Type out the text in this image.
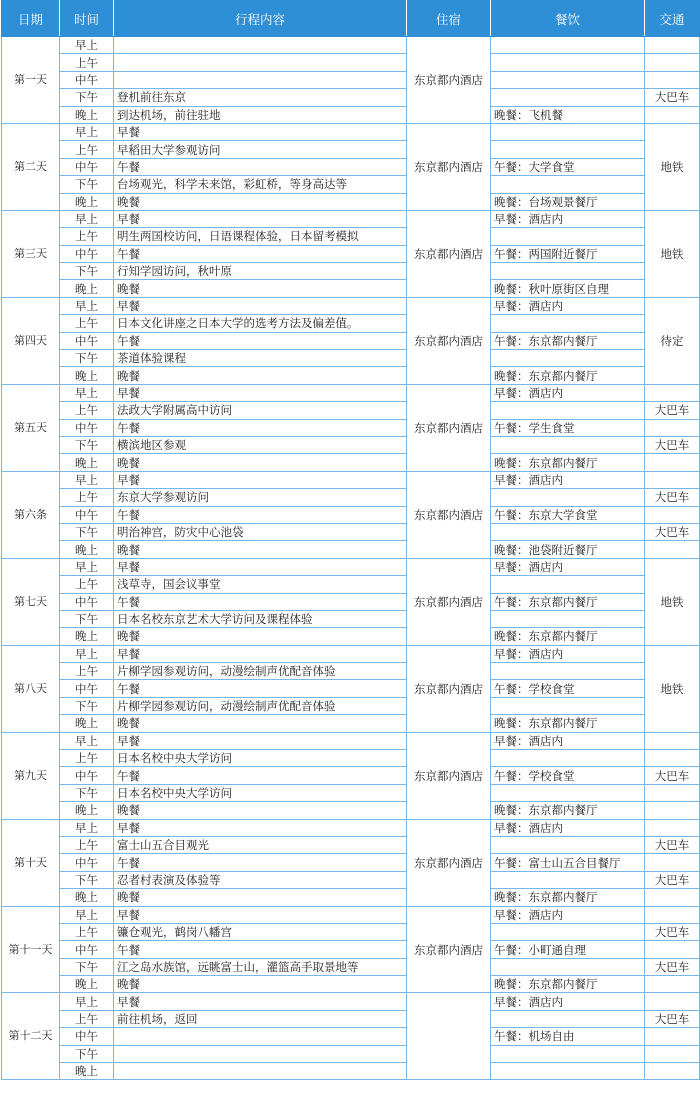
日期	时间	行程内容	住宿	餐饮	交通
第一天	早上		东京都内酒店		
	上午				
	中午				
	下午	登机前往东京			大巴车
	晚上	到达机场，前往驻地		晚餐：飞机餐	
第二天	早上	早餐	东京都内酒店		地铁
	上午	早稻田大学参观访问			
	中午	午餐		午餐：大学食堂	
	下午	台场观光，科学未来馆，彩虹桥，等身高达等			
	晚上	晚餐		晚餐：台场观景餐厅	
第三天	早上	早餐	东京都内酒店	早餐：酒店内	地铁
	上午	明生两国校访问，日语课程体验，日本留考模拟			
	中午	午餐		午餐：两国附近餐厅	
	下午	行知学园访问，秋叶原			
	晚上	晚餐		晚餐：秋叶原街区自理	
第四天	早上	早餐	东京都内酒店	早餐：酒店内	待定
	上午	日本文化讲座之日本大学的选考方法及偏差值。			
	中午	午餐		午餐：东京都内餐厅	
	下午	茶道体验课程			
	晚上	晚餐		晚餐：东京都内餐厅	
第五天	早上	早餐	东京都内酒店	早餐：酒店内	
	上午	法政大学附属高中访问			大巴车
	中午	午餐		午餐：学生食堂	
	下午	横滨地区参观			大巴车
	晚上	晚餐		晚餐：东京都内餐厅	
第六条	早上	早餐	东京都内酒店	早餐：酒店内	
	上午	东京大学参观访问			大巴车
	中午	午餐		午餐：东京大学食堂	
	下午	明治神宫，防灾中心池袋			大巴车
	晚上	晚餐		晚餐：池袋附近餐厅	
第七天	早上	早餐	东京都内酒店	早餐：酒店内	地铁
	上午	浅草寺，国会议事堂			
	中午	午餐		午餐：东京都内餐厅	
	下午	日本名校东京艺术大学访问及课程体验			
	晚上	晚餐		晚餐：东京都内餐厅	
第八天	早上	早餐	东京都内酒店	早餐：酒店内	地铁
	上午	片柳学园参观访问，动漫绘制声优配音体验			
	中午	午餐		午餐：学校食堂	
	下午	片柳学园参观访问，动漫绘制声优配音体验			
	晚上	晚餐		晚餐：东京都内餐厅	
第九天	早上	早餐	东京都内酒店	早餐：酒店内	
	上午	日本名校中央大学访问			
	中午	午餐		午餐：学校食堂	大巴车
	下午	日本名校中央大学访问			
	晚上	晚餐		晚餐：东京都内餐厅	
第十天	早上	早餐	东京都内酒店	早餐：酒店内	
	上午	富士山五合目观光			大巴车
	中午	午餐		午餐：富士山五合目餐厅	
	下午	忍者村表演及体验等			大巴车
	晚上	晚餐		晚餐：东京都内餐厅	
第十一天	早上	早餐	东京都内酒店	早餐：酒店内	
	上午	镰仓观光，鹤岗八幡宫			大巴车
	中午	午餐		午餐：小町通自理	
	下午	江之岛水族馆，远眺富士山，灌篮高手取景地等			大巴车
	晚上	晚餐		晚餐：东京都内餐厅	
第十二天	早上	早餐		早餐：酒店内	
	上午	前往机场，返回			大巴车
	中午			午餐：机场自由	
	下午				
	晚上				
